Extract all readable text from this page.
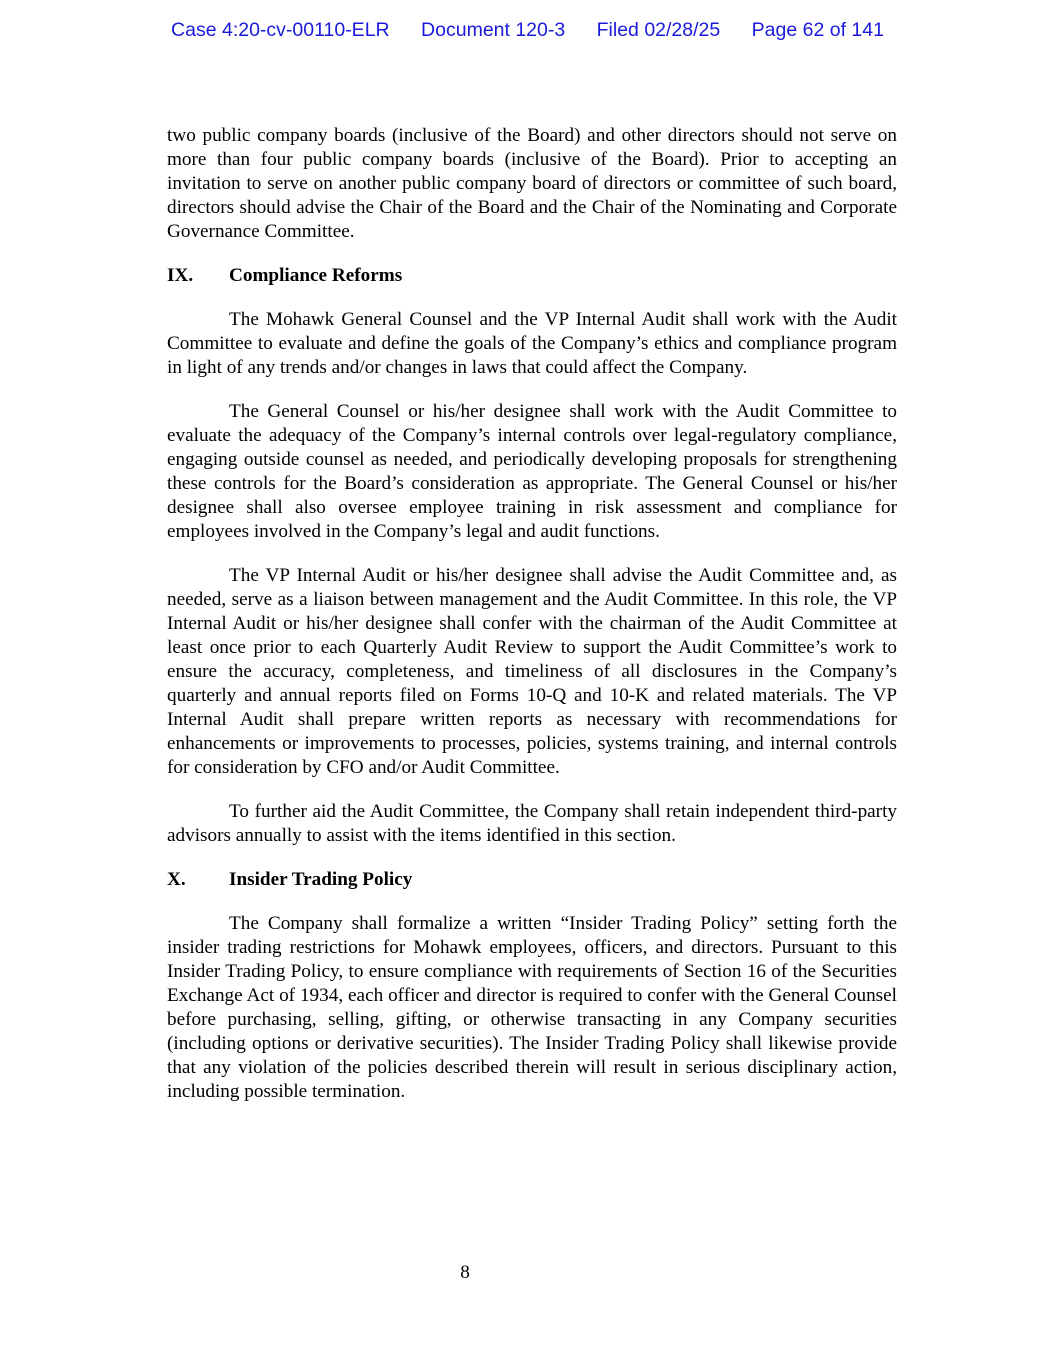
Case 4:20-cv-00110-ELR Document 120-3 Filed 02/28/25 Page 62 of 141

two public company boards (inclusive of the Board) and other directors should not serve on more than four public company boards (inclusive of the Board). Prior to accepting an invitation to serve on another public company board of directors or committee of such board, directors should advise the Chair of the Board and the Chair of the Nominating and Corporate Governance Committee.

IX. Compliance Reforms

The Mohawk General Counsel and the VP Internal Audit shall work with the Audit Committee to evaluate and define the goals of the Company’s ethics and compliance program in light of any trends and/or changes in laws that could affect the Company.

The General Counsel or his/her designee shall work with the Audit Committee to evaluate the adequacy of the Company’s internal controls over legal-regulatory compliance, engaging outside counsel as needed, and periodically developing proposals for strengthening these controls for the Board’s consideration as appropriate. The General Counsel or his/her designee shall also oversee employee training in risk assessment and compliance for employees involved in the Company’s legal and audit functions.

The VP Internal Audit or his/her designee shall advise the Audit Committee and, as needed, serve as a liaison between management and the Audit Committee. In this role, the VP Internal Audit or his/her designee shall confer with the chairman of the Audit Committee at least once prior to each Quarterly Audit Review to support the Audit Committee’s work to ensure the accuracy, completeness, and timeliness of all disclosures in the Company’s quarterly and annual reports filed on Forms 10-Q and 10-K and related materials. The VP Internal Audit shall prepare written reports as necessary with recommendations for enhancements or improvements to processes, policies, systems training, and internal controls for consideration by CFO and/or Audit Committee.

To further aid the Audit Committee, the Company shall retain independent third-party advisors annually to assist with the items identified in this section.

X. Insider Trading Policy

The Company shall formalize a written “Insider Trading Policy” setting forth the insider trading restrictions for Mohawk employees, officers, and directors. Pursuant to this Insider Trading Policy, to ensure compliance with requirements of Section 16 of the Securities Exchange Act of 1934, each officer and director is required to confer with the General Counsel before purchasing, selling, gifting, or otherwise transacting in any Company securities (including options or derivative securities). The Insider Trading Policy shall likewise provide that any violation of the policies described therein will result in serious disciplinary action, including possible termination.

8
